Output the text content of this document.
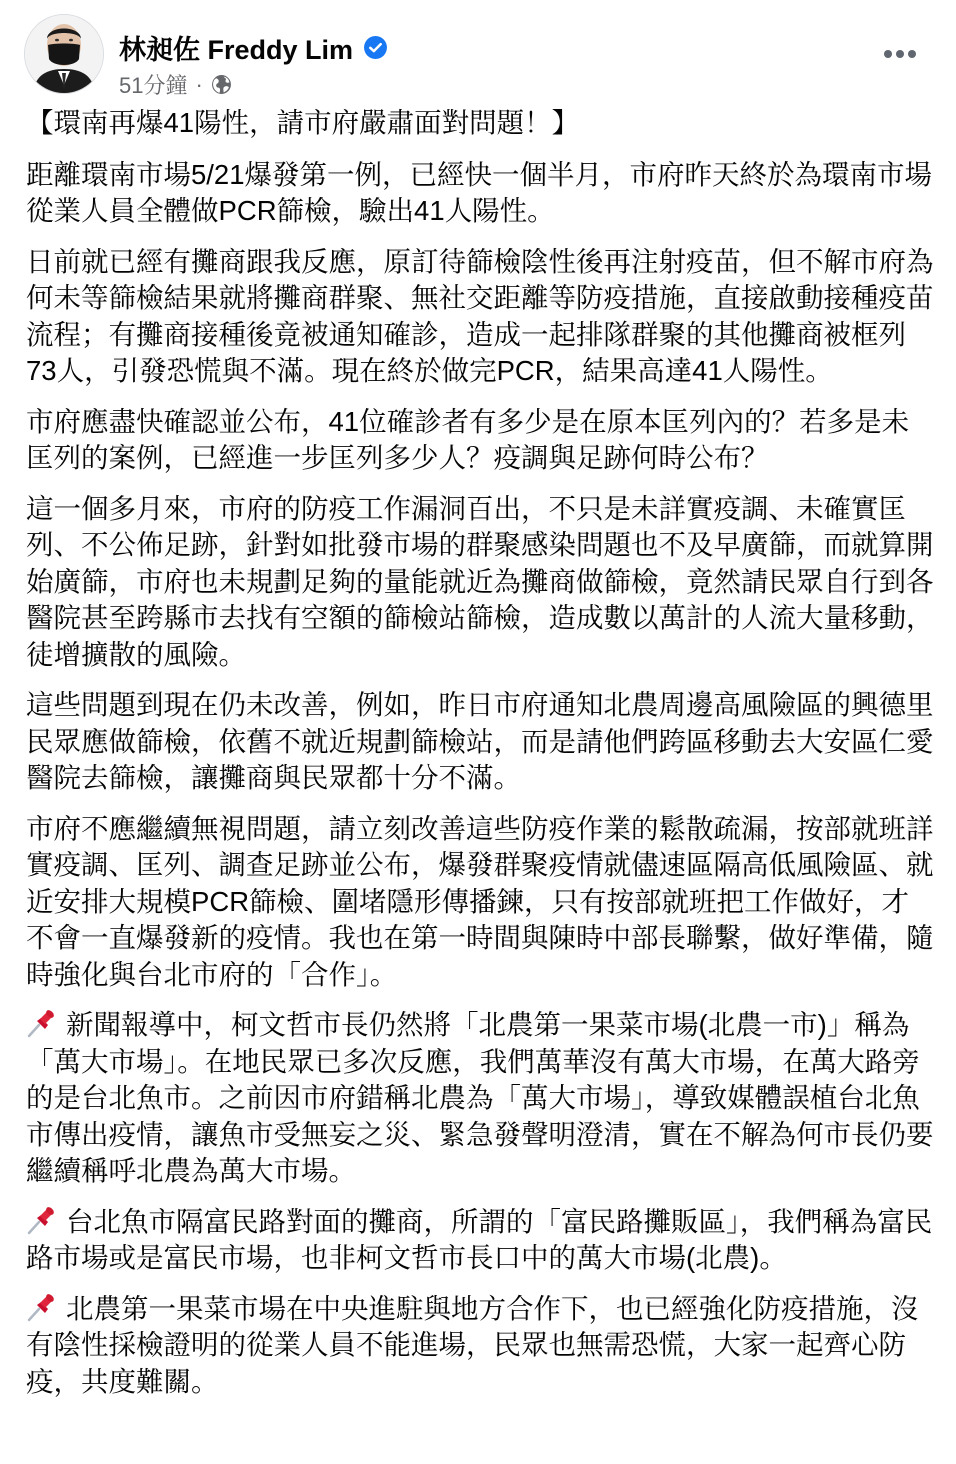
林昶佐 Freddy Lim
51分鐘 ·

【環南再爆41陽性，請市府嚴肅面對問題！】

距離環南市場5/21爆發第一例，已經快一個半月，市府昨天終於為環南市場從業人員全體做PCR篩檢，驗出41人陽性。

日前就已經有攤商跟我反應，原訂待篩檢陰性後再注射疫苗，但不解市府為何未等篩檢結果就將攤商群聚、無社交距離等防疫措施，直接啟動接種疫苗流程；有攤商接種後竟被通知確診，造成一起排隊群聚的其他攤商被框列73人，引發恐慌與不滿。現在終於做完PCR，結果高達41人陽性。

市府應盡快確認並公布，41位確診者有多少是在原本匡列內的？若多是未匡列的案例，已經進一步匡列多少人？疫調與足跡何時公布？

這一個多月來，市府的防疫工作漏洞百出，不只是未詳實疫調、未確實匡列、不公佈足跡，針對如批發市場的群聚感染問題也不及早廣篩，而就算開始廣篩，市府也未規劃足夠的量能就近為攤商做篩檢，竟然請民眾自行到各醫院甚至跨縣市去找有空額的篩檢站篩檢，造成數以萬計的人流大量移動，徒增擴散的風險。

這些問題到現在仍未改善，例如，昨日市府通知北農周邊高風險區的興德里民眾應做篩檢，依舊不就近規劃篩檢站，而是請他們跨區移動去大安區仁愛醫院去篩檢，讓攤商與民眾都十分不滿。

市府不應繼續無視問題，請立刻改善這些防疫作業的鬆散疏漏，按部就班詳實疫調、匡列、調查足跡並公布，爆發群聚疫情就儘速區隔高低風險區、就近安排大規模PCR篩檢、圍堵隱形傳播鍊，只有按部就班把工作做好，才不會一直爆發新的疫情。我也在第一時間與陳時中部長聯繫，做好準備，隨時強化與台北市府的「合作」。

新聞報導中，柯文哲市長仍然將「北農第一果菜市場(北農一市)」稱為「萬大市場」。在地民眾已多次反應，我們萬華沒有萬大市場，在萬大路旁的是台北魚市。之前因市府錯稱北農為「萬大市場」，導致媒體誤植台北魚市傳出疫情，讓魚市受無妄之災、緊急發聲明澄清，實在不解為何市長仍要繼續稱呼北農為萬大市場。

台北魚市隔富民路對面的攤商，所謂的「富民路攤販區」，我們稱為富民路市場或是富民市場，也非柯文哲市長口中的萬大市場(北農)。

北農第一果菜市場在中央進駐與地方合作下，也已經強化防疫措施，沒有陰性採檢證明的從業人員不能進場，民眾也無需恐慌，大家一起齊心防疫，共度難關。
